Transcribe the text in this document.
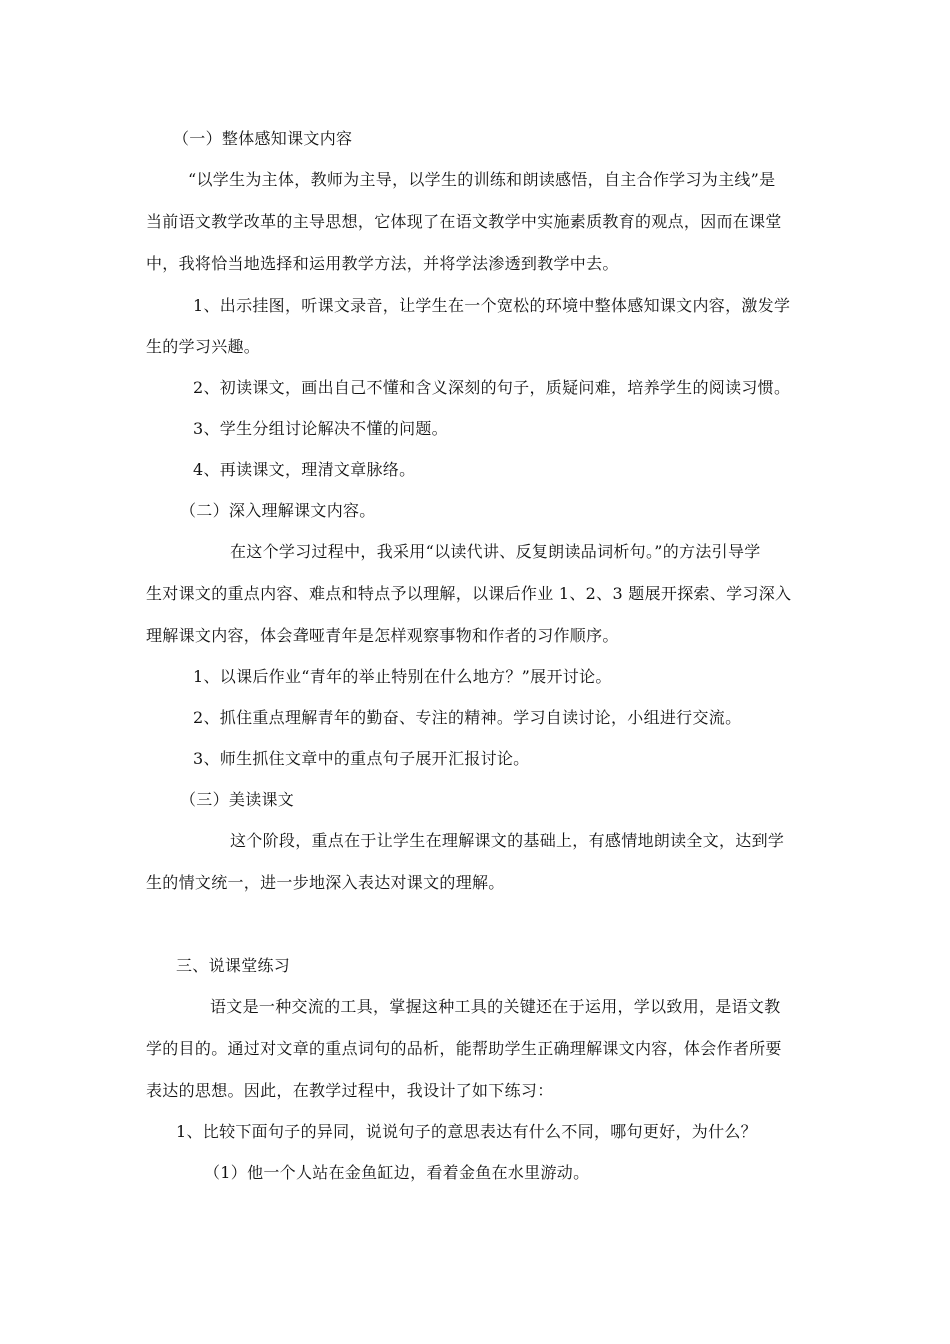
（一）整体感知课文内容
“以学生为主体，教师为主导，以学生的训练和朗读感悟，自主合作学习为主线”是
当前语文教学改革的主导思想，它体现了在语文教学中实施素质教育的观点，因而在课堂
中，我将恰当地选择和运用教学方法，并将学法渗透到教学中去。
1、出示挂图，听课文录音，让学生在一个宽松的环境中整体感知课文内容，激发学
生的学习兴趣。
2、初读课文，画出自己不懂和含义深刻的句子，质疑问难，培养学生的阅读习惯。
3、学生分组讨论解决不懂的问题。
4、再读课文，理清文章脉络。
（二）深入理解课文内容。
在这个学习过程中，我采用“以读代讲、反复朗读品词析句。”的方法引导学
生对课文的重点内容、难点和特点予以理解，以课后作业 1、2、3 题展开探索、学习深入
理解课文内容，体会聋哑青年是怎样观察事物和作者的习作顺序。
1、以课后作业“青年的举止特别在什么地方？”展开讨论。
2、抓住重点理解青年的勤奋、专注的精神。学习自读讨论，小组进行交流。
3、师生抓住文章中的重点句子展开汇报讨论。
（三）美读课文
这个阶段，重点在于让学生在理解课文的基础上，有感情地朗读全文，达到学
生的情文统一，进一步地深入表达对课文的理解。
三、说课堂练习
语文是一种交流的工具，掌握这种工具的关键还在于运用，学以致用，是语文教
学的目的。通过对文章的重点词句的品析，能帮助学生正确理解课文内容，体会作者所要
表达的思想。因此，在教学过程中，我设计了如下练习：
1、比较下面句子的异同，说说句子的意思表达有什么不同，哪句更好，为什么？
（1）他一个人站在金鱼缸边，看着金鱼在水里游动。
